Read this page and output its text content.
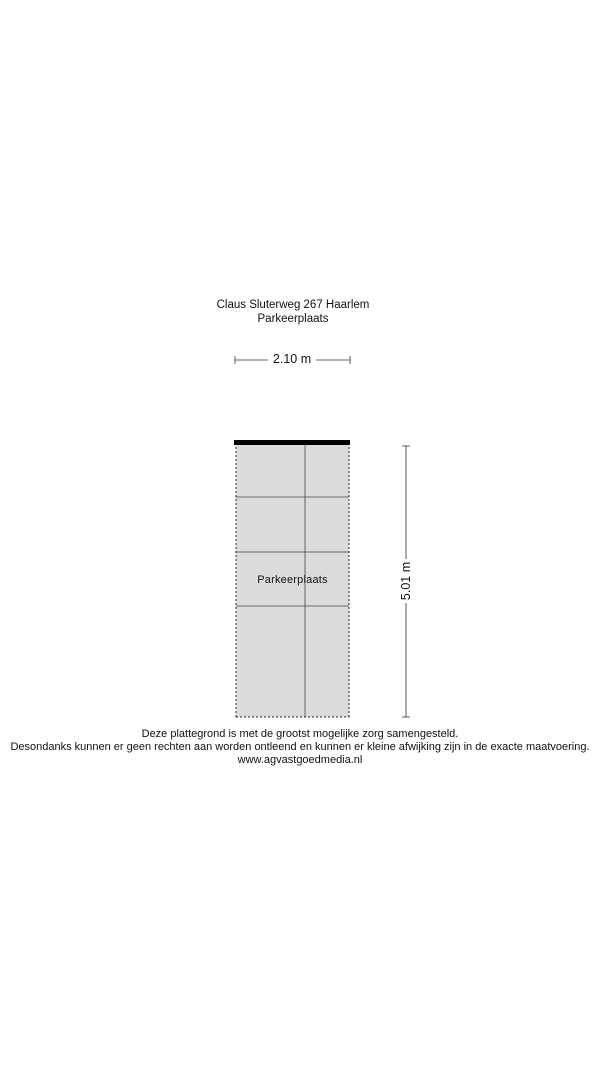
Claus Sluterweg 267 Haarlem
Parkeerplaats
2.10 m
5.01 m
Parkeerplaats
Deze plattegrond is met de grootst mogelijke zorg samengesteld.
Desondanks kunnen er geen rechten aan worden ontleend en kunnen er kleine afwijking zijn in de exacte maatvoering.
www.agvastgoedmedia.nl
